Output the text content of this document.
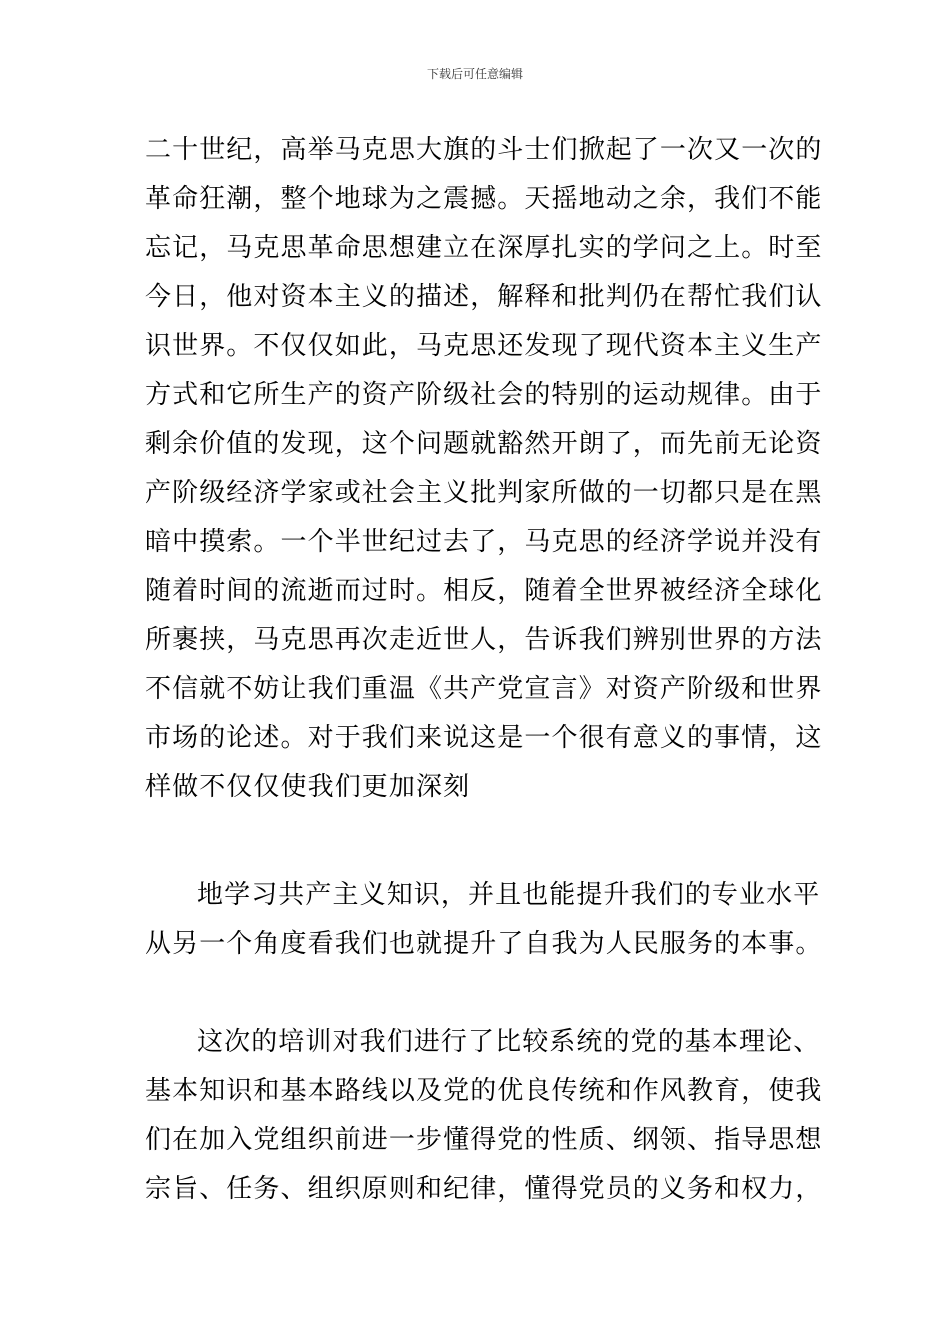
下载后可任意编辑
二十世纪，高举马克思大旗的斗士们掀起了一次又一次的
革命狂潮，整个地球为之震撼。天摇地动之余，我们不能
忘记，马克思革命思想建立在深厚扎实的学问之上。时至
今日，他对资本主义的描述，解释和批判仍在帮忙我们认
识世界。不仅仅如此，马克思还发现了现代资本主义生产
方式和它所生产的资产阶级社会的特别的运动规律。由于
剩余价值的发现，这个问题就豁然开朗了，而先前无论资
产阶级经济学家或社会主义批判家所做的一切都只是在黑
暗中摸索。一个半世纪过去了，马克思的经济学说并没有
随着时间的流逝而过时。相反，随着全世界被经济全球化
所裹挟，马克思再次走近世人，告诉我们辨别世界的方法
不信就不妨让我们重温《共产党宣言》对资产阶级和世界
市场的论述。对于我们来说这是一个很有意义的事情，这
样做不仅仅使我们更加深刻
地学习共产主义知识，并且也能提升我们的专业水平
从另一个角度看我们也就提升了自我为人民服务的本事。
这次的培训对我们进行了比较系统的党的基本理论、
基本知识和基本路线以及党的优良传统和作风教育，使我
们在加入党组织前进一步懂得党的性质、纲领、指导思想
宗旨、任务、组织原则和纪律，懂得党员的义务和权力，
